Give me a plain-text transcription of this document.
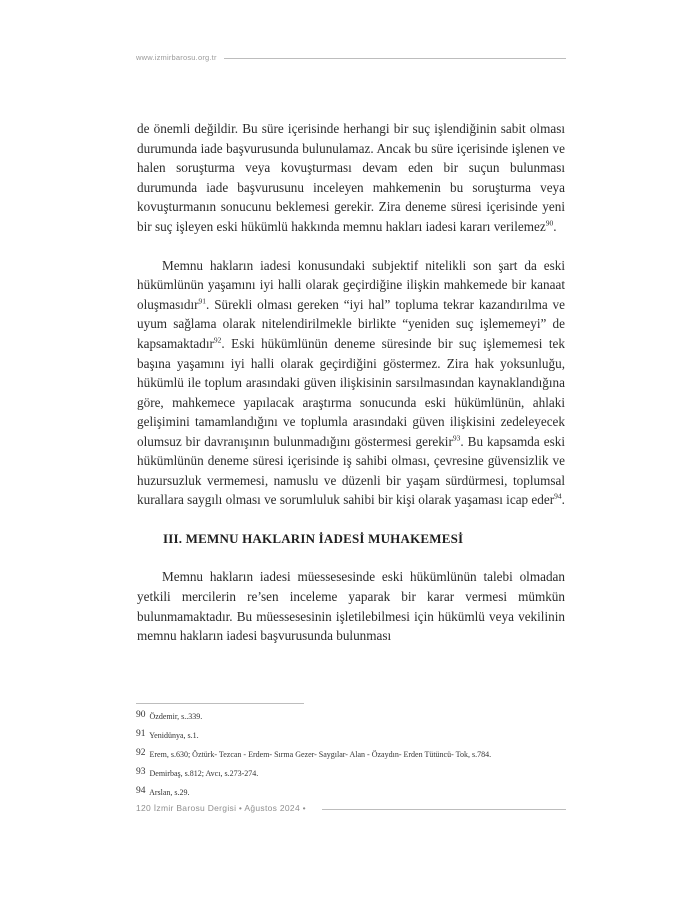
www.izmirbarosu.org.tr

de önemli değildir. Bu süre içerisinde herhangi bir suç işlendiğinin sabit olması durumunda iade başvurusunda bulunulamaz. Ancak bu süre içerisinde işlenen ve halen soruşturma veya kovuşturması devam eden bir suçun bulunması durumunda iade başvurusunu inceleyen mahkemenin bu soruşturma veya kovuşturmanın sonucunu beklemesi gerekir. Zira deneme süresi içerisinde yeni bir suç işleyen eski hükümlü hakkında memnu hakları iadesi kararı verilemez$^{90}$.

Memnu hakların iadesi konusundaki subjektif nitelikli son şart da eski hükümlünün yaşamını iyi halli olarak geçirdiğine ilişkin mahkemede bir kanaat oluşmasıdır$^{91}$. Sürekli olması gereken “iyi hal” topluma tekrar kazandırılma ve uyum sağlama olarak nitelendirilmekle birlikte “yeniden suç işlememeyi” de kapsamaktadır$^{92}$. Eski hükümlünün deneme süresinde bir suç işlememesi tek başına yaşamını iyi halli olarak geçirdiğini göstermez. Zira hak yoksunluğu, hükümlü ile toplum arasındaki güven ilişkisinin sarsılmasından kaynaklandığına göre, mahkemece yapılacak araştırma sonucunda eski hükümlünün, ahlaki gelişimini tamamlandığını ve toplumla arasındaki güven ilişkisini zedeleyecek olumsuz bir davranışının bulunmadığını göstermesi gerekir$^{93}$. Bu kapsamda eski hükümlünün deneme süresi içerisinde iş sahibi olması, çevresine güvensizlik ve huzursuzluk vermemesi, namuslu ve düzenli bir yaşam sürdürmesi, toplumsal kurallara saygılı olması ve sorumluluk sahibi bir kişi olarak yaşaması icap eder$^{94}$.

III. MEMNU HAKLARIN İADESİ MUHAKEMESİ

Memnu hakların iadesi müessesesinde eski hükümlünün talebi olmadan yetkili mercilerin re’sen inceleme yaparak bir karar vermesi mümkün bulunmamaktadır. Bu müessesesinin işletilebilmesi için hükümlü veya vekilinin memnu hakların iadesi başvurusunda bulunması

90 Özdemir, s..339.
91 Yenidünya, s.1.
92 Erem, s.630; Öztürk- Tezcan - Erdem- Sırma Gezer- Saygılar- Alan - Özaydın- Erden Tütüncü- Tok, s.784.
93 Demirbaş, s.812; Avcı, s.273-274.
94 Arslan, s.29.
120 İzmir Barosu Dergisi • Ağustos 2024 •
